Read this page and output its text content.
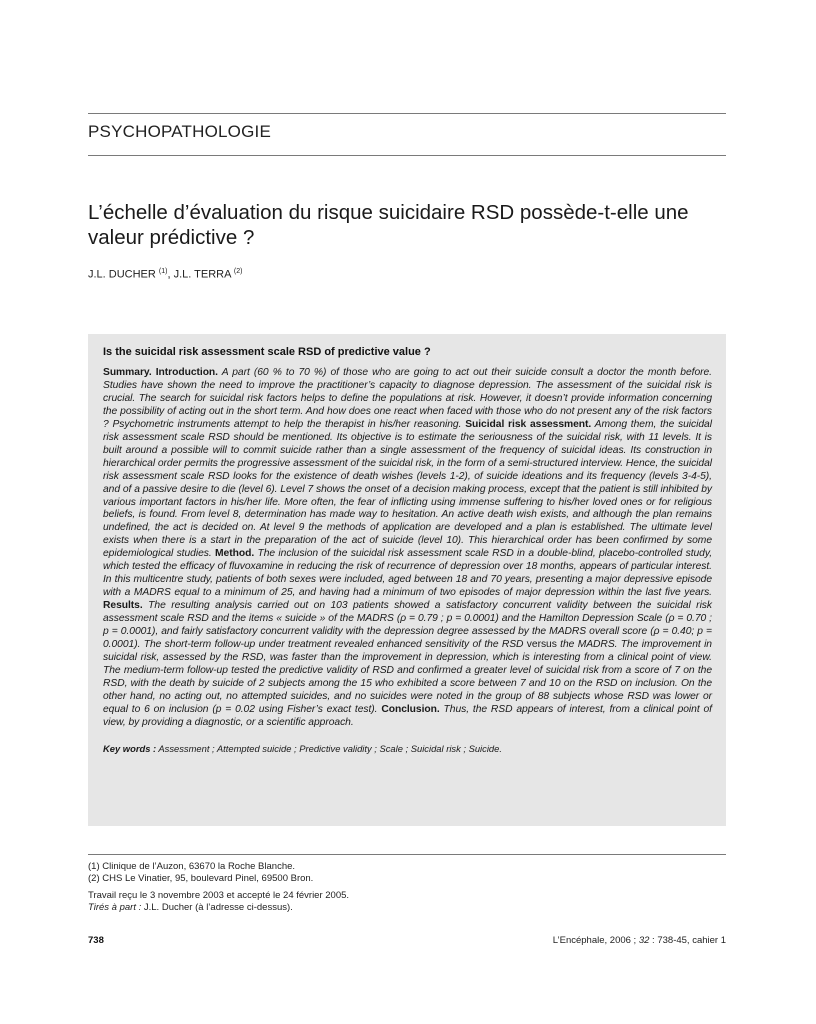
PSYCHOPATHOLOGIE
L’échelle d’évaluation du risque suicidaire RSD possède-t-elle une valeur prédictive ?
J.L. DUCHER $^{(1)}$, J.L. TERRA $^{(2)}$

Is the suicidal risk assessment scale RSD of predictive value ?

Summary. Introduction. A part (60 % to 70 %) of those who are going to act out their suicide consult a doctor the month before. Studies have shown the need to improve the practitioner’s capacity to diagnose depression. The assessment of the suicidal risk is crucial. The search for suicidal risk factors helps to define the populations at risk. However, it doesn’t provide information concerning the possibility of acting out in the short term. And how does one react when faced with those who do not present any of the risk factors ? Psychometric instruments attempt to help the therapist in his/her reasoning. Suicidal risk assessment. Among them, the suicidal risk assessment scale RSD should be mentioned. Its objective is to estimate the seriousness of the suicidal risk, with 11 levels. It is built around a possible will to commit suicide rather than a single assessment of the frequency of suicidal ideas. Its construction in hierarchical order permits the progressive assessment of the suicidal risk, in the form of a semi-structured interview. Hence, the suicidal risk assessment scale RSD looks for the existence of death wishes (levels 1-2), of suicide ideations and its frequency (levels 3-4-5), and of a passive desire to die (level 6). Level 7 shows the onset of a decision making process, except that the patient is still inhibited by various important factors in his/her life. More often, the fear of inflicting using immense suffering to his/her loved ones or for religious beliefs, is found. From level 8, determination has made way to hesitation. An active death wish exists, and although the plan remains undefined, the act is decided on. At level 9 the methods of application are developed and a plan is established. The ultimate level exists when there is a start in the preparation of the act of suicide (level 10). This hierarchical order has been confirmed by some epidemiological studies. Method. The inclusion of the suicidal risk assessment scale RSD in a double-blind, placebo-controlled study, which tested the efficacy of fluvoxamine in reducing the risk of recurrence of depression over 18 months, appears of particular interest. In this multicentre study, patients of both sexes were included, aged between 18 and 70 years, presenting a major depressive episode with a MADRS equal to a minimum of 25, and having had a minimum of two episodes of major depression within the last five years. Results. The resulting analysis carried out on 103 patients showed a satisfactory concurrent validity between the suicidal risk assessment scale RSD and the items « suicide » of the MADRS (ρ = 0.79 ; p = 0.0001) and the Hamilton Depression Scale (ρ = 0.70 ; p = 0.0001), and fairly satisfactory concurrent validity with the depression degree assessed by the MADRS overall score (ρ = 0.40; p = 0.0001). The short-term follow-up under treatment revealed enhanced sensitivity of the RSD versus the MADRS. The improvement in suicidal risk, assessed by the RSD, was faster than the improvement in depression, which is interesting from a clinical point of view. The medium-term follow-up tested the predictive validity of RSD and confirmed a greater level of suicidal risk from a score of 7 on the RSD, with the death by suicide of 2 subjects among the 15 who exhibited a score between 7 and 10 on the RSD on inclusion. On the other hand, no acting out, no attempted suicides, and no suicides were noted in the group of 88 subjects whose RSD was lower or equal to 6 on inclusion (p = 0.02 using Fisher’s exact test). Conclusion. Thus, the RSD appears of interest, from a clinical point of view, by providing a diagnostic, or a scientific approach.

Key words : Assessment ; Attempted suicide ; Predictive validity ; Scale ; Suicidal risk ; Suicide.
(1) Clinique de l’Auzon, 63670 la Roche Blanche.
(2) CHS Le Vinatier, 95, boulevard Pinel, 69500 Bron.
Travail reçu le 3 novembre 2003 et accepté le 24 février 2005.
Tirés à part : J.L. Ducher (à l’adresse ci-dessus).
738	L’Encéphale, 2006 ; 32 : 738-45, cahier 1
